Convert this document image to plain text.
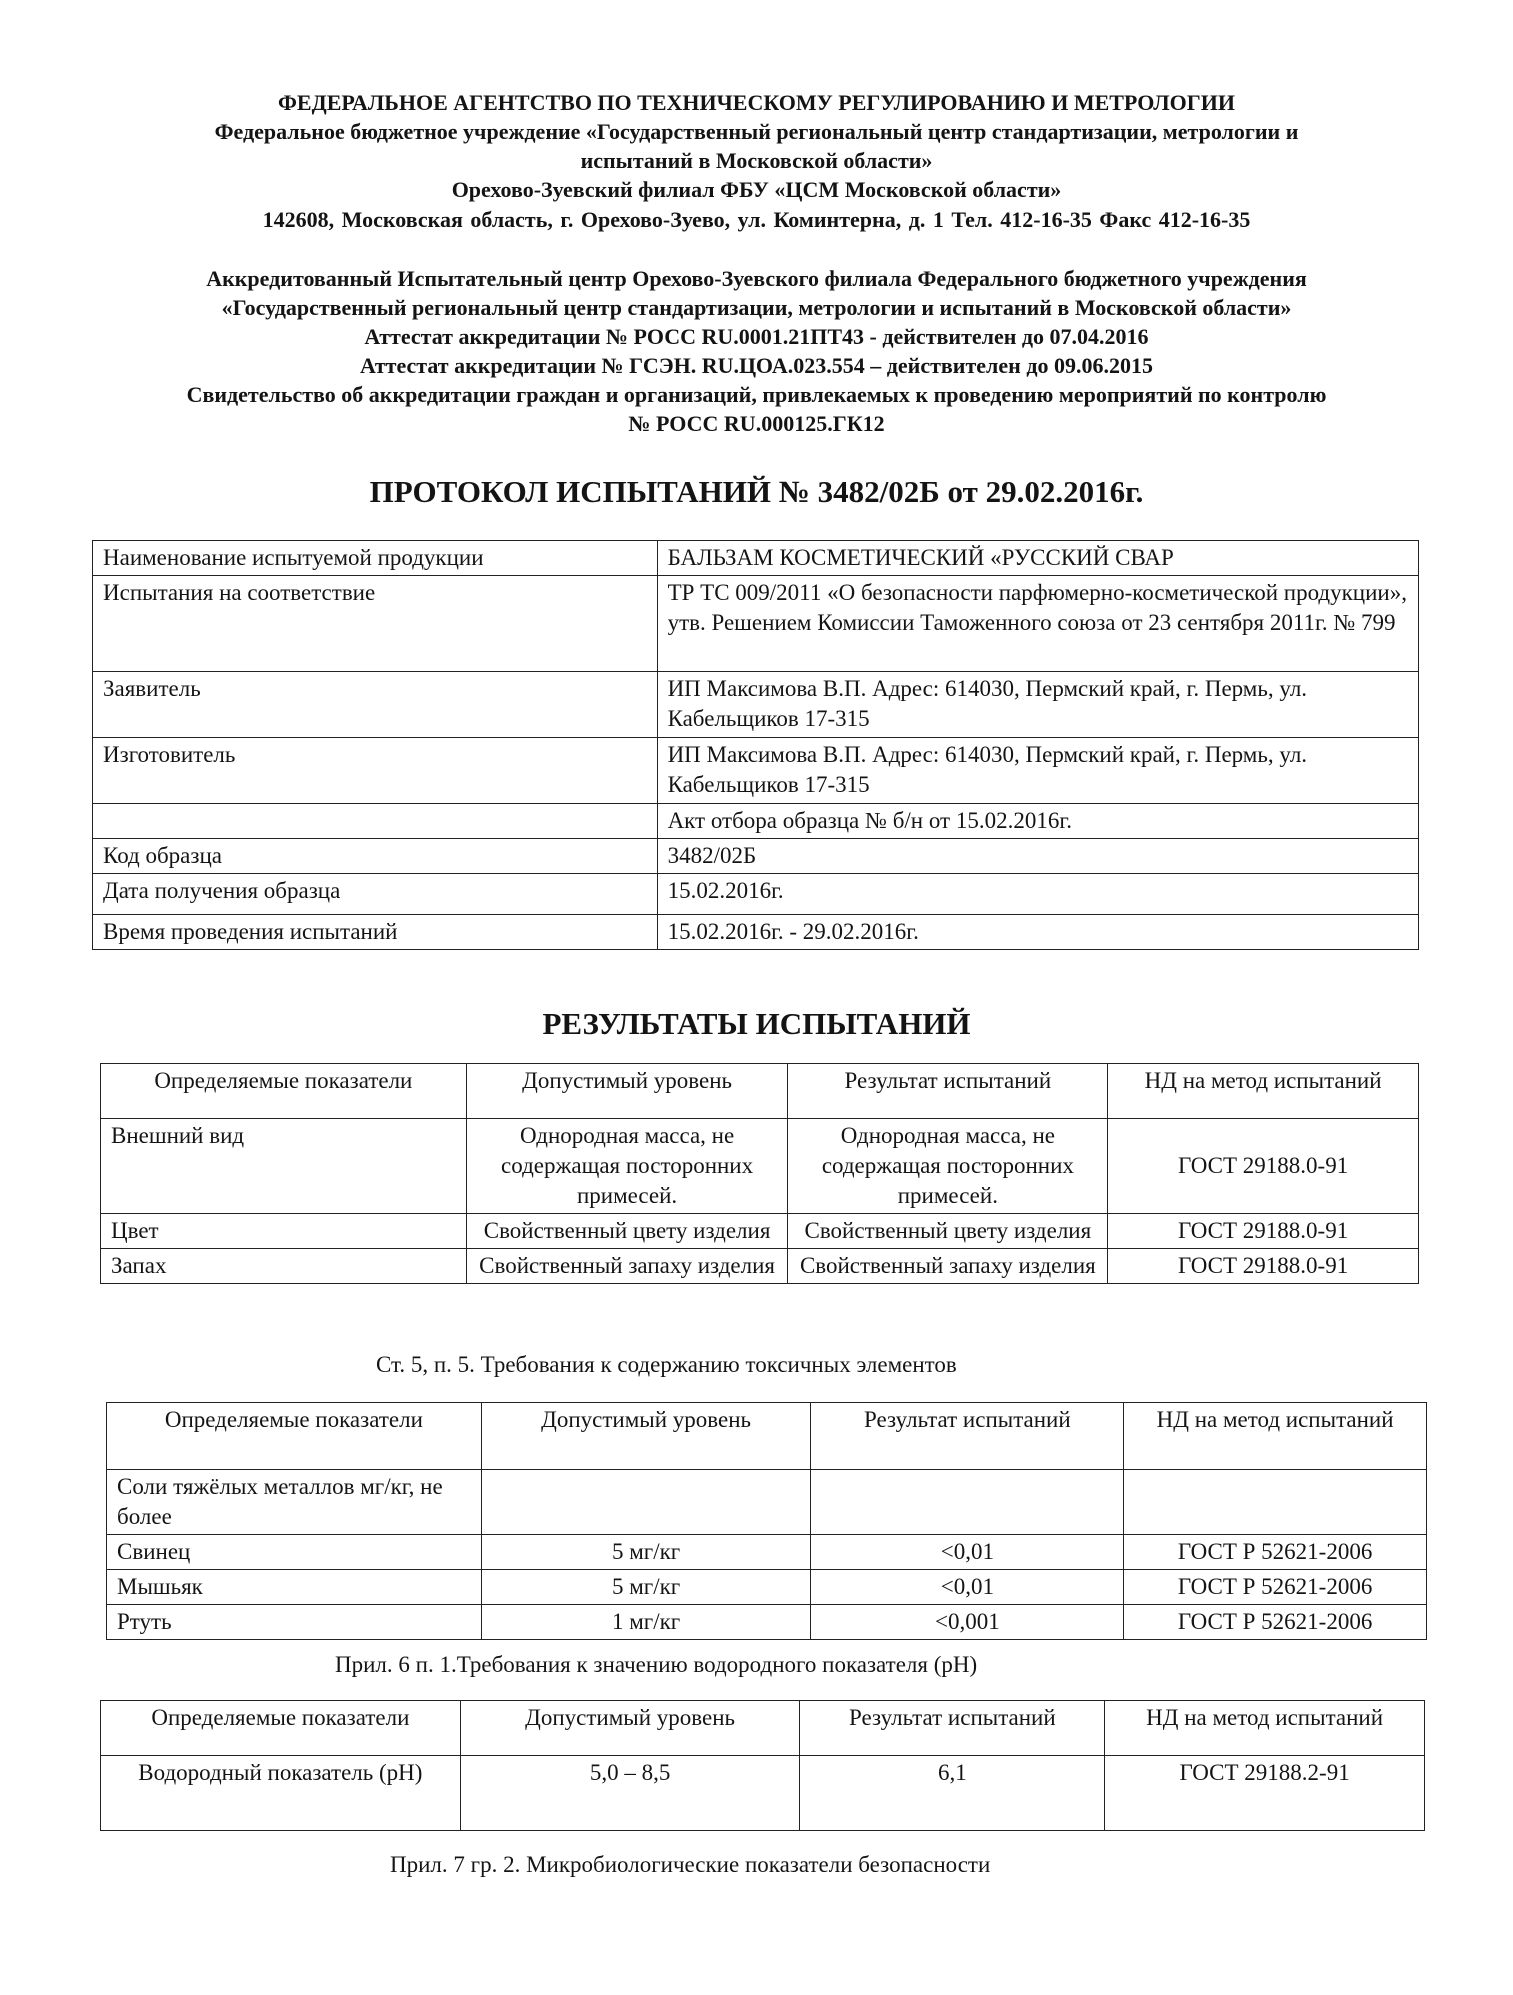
ФЕДЕРАЛЬНОЕ АГЕНТСТВО ПО ТЕХНИЧЕСКОМУ РЕГУЛИРОВАНИЮ И МЕТРОЛОГИИ
Федеральное бюджетное учреждение «Государственный региональный центр стандартизации, метрологии и
испытаний в Московской области»
Орехово-Зуевский филиал ФБУ «ЦСМ Московской области»
142608, Московская область, г. Орехово-Зуево, ул. Коминтерна, д. 1 Тел. 412-16-35 Факс 412-16-35
Аккредитованный Испытательный центр Орехово-Зуевского филиала Федерального бюджетного учреждения
«Государственный региональный центр стандартизации, метрологии и испытаний в Московской области»
Аттестат аккредитации № РОСС RU.0001.21ПТ43 - действителен до 07.04.2016
Аттестат аккредитации № ГСЭН. RU.ЦОА.023.554 – действителен до 09.06.2015
Свидетельство об аккредитации граждан и организаций, привлекаемых к проведению мероприятий по контролю
№ РОСС RU.000125.ГК12
ПРОТОКОЛ ИСПЫТАНИЙ № 3482/02Б от 29.02.2016г.
Наименование испытуемой продукции	БАЛЬЗАМ КОСМЕТИЧЕСКИЙ «РУССКИЙ СВАР
Испытания на соответствие	ТР ТС 009/2011 «О безопасности парфюмерно-косметической продукции», утв. Решением Комиссии Таможенного союза от 23 сентября 2011г. № 799
Заявитель	ИП Максимова В.П. Адрес: 614030, Пермский край, г. Пермь, ул. Кабельщиков 17-315
Изготовитель	ИП Максимова В.П. Адрес: 614030, Пермский край, г. Пермь, ул. Кабельщиков 17-315
	Акт отбора образца № б/н от 15.02.2016г.
Код образца	3482/02Б
Дата получения образца	15.02.2016г.
Время проведения испытаний	15.02.2016г. - 29.02.2016г.
РЕЗУЛЬТАТЫ ИСПЫТАНИЙ
Определяемые показатели	Допустимый уровень	Результат испытаний	НД на метод испытаний
Внешний вид	Однородная масса, не содержащая посторонних примесей.	Однородная масса, не содержащая посторонних примесей.	ГОСТ 29188.0-91
Цвет	Свойственный цвету изделия	Свойственный цвету изделия	ГОСТ 29188.0-91
Запах	Свойственный запаху изделия	Свойственный запаху изделия	ГОСТ 29188.0-91
Ст. 5, п. 5. Требования к содержанию токсичных элементов
Определяемые показатели	Допустимый уровень	Результат испытаний	НД на метод испытаний
Соли тяжёлых металлов мг/кг, не более			
Свинец	5 мг/кг	<0,01	ГОСТ Р 52621-2006
Мышьяк	5 мг/кг	<0,01	ГОСТ Р 52621-2006
Ртуть	1 мг/кг	<0,001	ГОСТ Р 52621-2006
Прил. 6 п. 1.Требования к значению водородного показателя (рН)
Определяемые показатели	Допустимый уровень	Результат испытаний	НД на метод испытаний
Водородный показатель (рН)	5,0 – 8,5	6,1	ГОСТ 29188.2-91
Прил. 7 гр. 2. Микробиологические показатели безопасности
